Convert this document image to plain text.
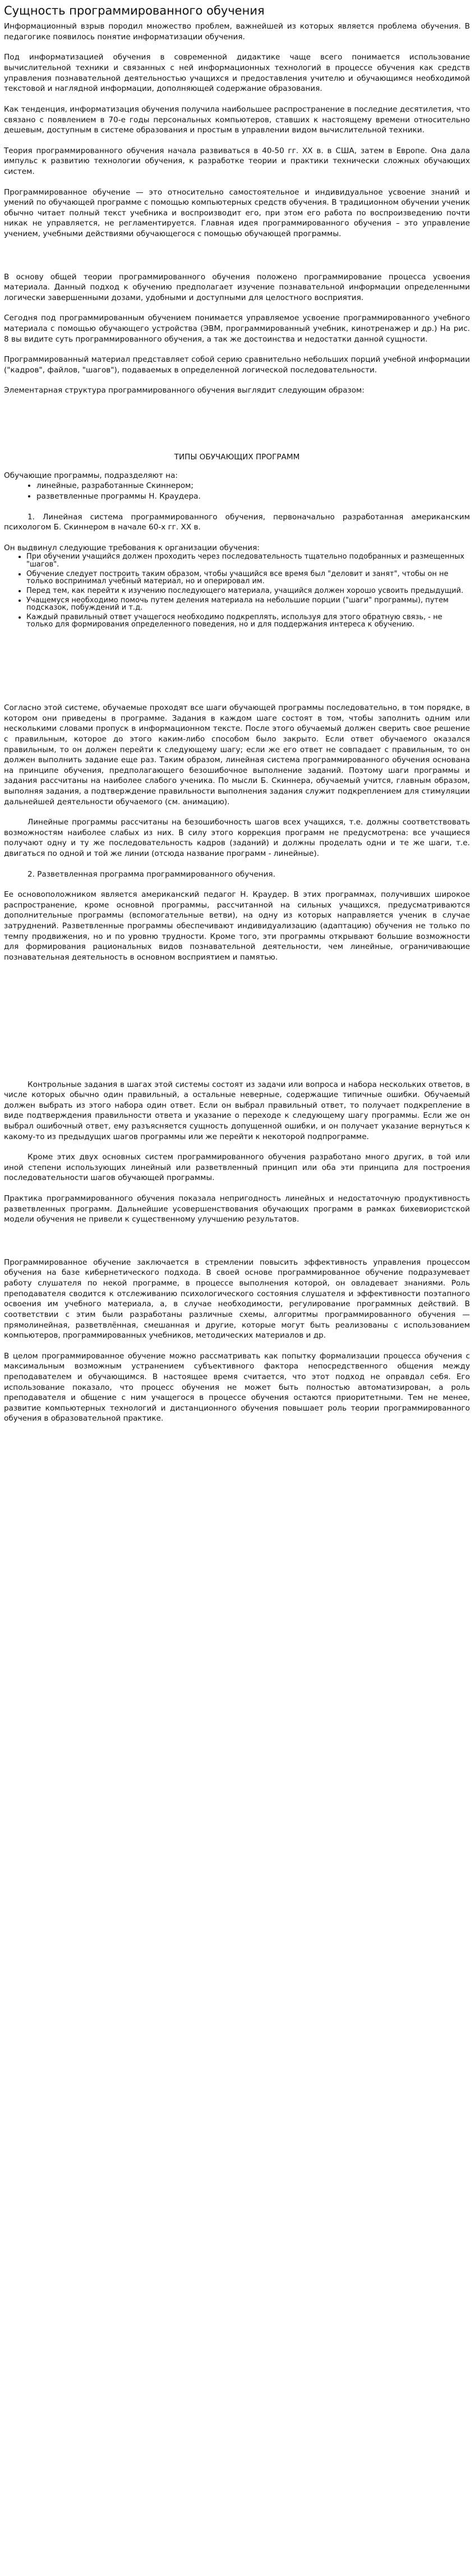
Сущность программированного обучения

Информационный взрыв породил множество проблем, важнейшей из которых является проблема обучения. В педагогике появилось понятие информатизации обучения.

Под информатизацией обучения в современной дидактике чаще всего понимается использование вычислительной техники и связанных с ней информационных технологий в процессе обучения как средств управления познавательной деятельностью учащихся и предоставления учителю и обучающимся необходимой текстовой и наглядной информации, дополняющей содержание образования.

Как тенденция, информатизация обучения получила наибольшее распространение в последние десятилетия, что связано с появлением в 70-е годы персональных компьютеров, ставших к настоящему времени относительно дешевым, доступным в системе образования и простым в управлении видом вычислительной техники.

Теория программированного обучения начала развиваться в 40-50 гг. XX в. в США, затем в Европе. Она дала импульс к развитию технологии обучения, к разработке теории и практики технически сложных обучающих систем.

Программированное обучение — это относительно самостоятельное и индивидуальное усвоение знаний и умений по обучающей программе с помощью компьютерных средств обучения. В традиционном обучении ученик обычно читает полный текст учебника и воспроизводит его, при этом его работа по воспроизведению почти никак не управляется, не регламентируется. Главная идея программированного обучения – это управление учением, учебными действиями обучающегося с помощью обучающей программы.

В основу общей теории программированного обучения положено программирование процесса усвоения материала. Данный подход к обучению предполагает изучение познавательной информации определенными логически завершенными дозами, удобными и доступными для целостного восприятия.

Сегодня под программированным обучением понимается управляемое усвоение программированного учебного материала с помощью обучающего устройства (ЭВМ, программированный учебник, кинотренажер и др.) На рис. 8 вы видите суть программированного обучения, а так же достоинства и недостатки данной сущности.

Программированный материал представляет собой серию сравнительно небольших порций учебной информации ("кадров", файлов, "шагов"), подаваемых в определенной логической последовательности.

Элементарная структура программированного обучения выглядит следующим образом:

ТИПЫ ОБУЧАЮЩИХ ПРОГРАММ

Обучающие программы, подразделяют на:

• линейные, разработанные Скиннером;
• разветвленные программы Н. Краудера.

1. Линейная система программированного обучения, первоначально разработанная американским психологом Б. Скиннером в начале 60-х гг. XX в.

Он выдвинул следующие требования к организации обучения:

• При обучении учащийся должен проходить через последовательность тщательно подобранных и размещенных "шагов".
• Обучение следует построить таким образом, чтобы учащийся все время был "деловит и занят", чтобы он не только воспринимал учебный материал, но и оперировал им.
• Перед тем, как перейти к изучению последующего материала, учащийся должен хорошо усвоить предыдущий.
• Учащемуся необходимо помочь путем деления материала на небольшие порции ("шаги" программы), путем подсказок, побуждений и т.д.
• Каждый правильный ответ учащегося необходимо подкреплять, используя для этого обратную связь, - не только для формирования определенного поведения, но и для поддержания интереса к обучению.

Согласно этой системе, обучаемые проходят все шаги обучающей программы последовательно, в том порядке, в котором они приведены в программе. Задания в каждом шаге состоят в том, чтобы заполнить одним или несколькими словами пропуск в информационном тексте. После этого обучаемый должен сверить свое решение с правильным, которое до этого каким-либо способом было закрыто. Если ответ обучаемого оказался правильным, то он должен перейти к следующему шагу; если же его ответ не совпадает с правильным, то он должен выполнить задание еще раз. Таким образом, линейная система программированного обучения основана на принципе обучения, предполагающего безошибочное выполнение заданий. Поэтому шаги программы и задания рассчитаны на наиболее слабого ученика. По мысли Б. Скиннера, обучаемый учится, главным образом, выполняя задания, а подтверждение правильности выполнения задания служит подкреплением для стимуляции дальнейшей деятельности обучаемого (см. анимацию).

Линейные программы рассчитаны на безошибочность шагов всех учащихся, т.е. должны соответствовать возможностям наиболее слабых из них. В силу этого коррекция программ не предусмотрена: все учащиеся получают одну и ту же последовательность кадров (заданий) и должны проделать одни и те же шаги, т.е. двигаться по одной и той же линии (отсюда название программ - линейные).

2. Разветвленная программа программированного обучения.

Ее основоположником является американский педагог Н. Краудер. В этих программах, получивших широкое распространение, кроме основной программы, рассчитанной на сильных учащихся, предусматриваются дополнительные программы (вспомогательные ветви), на одну из которых направляется ученик в случае затруднений. Разветвленные программы обеспечивают индивидуализацию (адаптацию) обучения не только по темпу продвижения, но и по уровню трудности. Кроме того, эти программы открывают большие возможности для формирования рациональных видов познавательной деятельности, чем линейные, ограничивающие познавательная деятельность в основном восприятием и памятью.

Контрольные задания в шагах этой системы состоят из задачи или вопроса и набора нескольких ответов, в числе которых обычно один правильный, а остальные неверные, содержащие типичные ошибки. Обучаемый должен выбрать из этого набора один ответ. Если он выбрал правильный ответ, то получает подкрепление в виде подтверждения правильности ответа и указание о переходе к следующему шагу программы. Если же он выбрал ошибочный ответ, ему разъясняется сущность допущенной ошибки, и он получает указание вернуться к какому-то из предыдущих шагов программы или же перейти к некоторой подпрограмме.

Кроме этих двух основных систем программированного обучения разработано много других, в той или иной степени использующих линейный или разветвленный принцип или оба эти принципа для построения последовательности шагов обучающей программы.

Практика программированного обучения показала непригодность линейных и недостаточную продуктивность разветвленных программ. Дальнейшие усовершенствования обучающих программ в рамках бихевиористской модели обучения не привели к существенному улучшению результатов.

Программированное обучение заключается в стремлении повысить эффективность управления процессом обучения на базе кибернетического подхода. В своей основе программированное обучение подразумевает работу слушателя по некой программе, в процессе выполнения которой, он овладевает знаниями. Роль преподавателя сводится к отслеживанию психологического состояния слушателя и эффективности поэтапного освоения им учебного материала, а, в случае необходимости, регулирование программных действий. В соответствии с этим были разработаны различные схемы, алгоритмы программированного обучения — прямолинейная, разветвлённая, смешанная и другие, которые могут быть реализованы с использованием компьютеров, программированных учебников, методических материалов и др.

В целом программированное обучение можно рассматривать как попытку формализации процесса обучения с максимальным возможным устранением субъективного фактора непосредственного общения между преподавателем и обучающимся. В настоящее время считается, что этот подход не оправдал себя. Его использование показало, что процесс обучения не может быть полностью автоматизирован, а роль преподавателя и общение с ним учащегося в процессе обучения остаются приоритетными. Тем не менее, развитие компьютерных технологий и дистанционного обучения повышает роль теории программированного обучения в образовательной практике.
